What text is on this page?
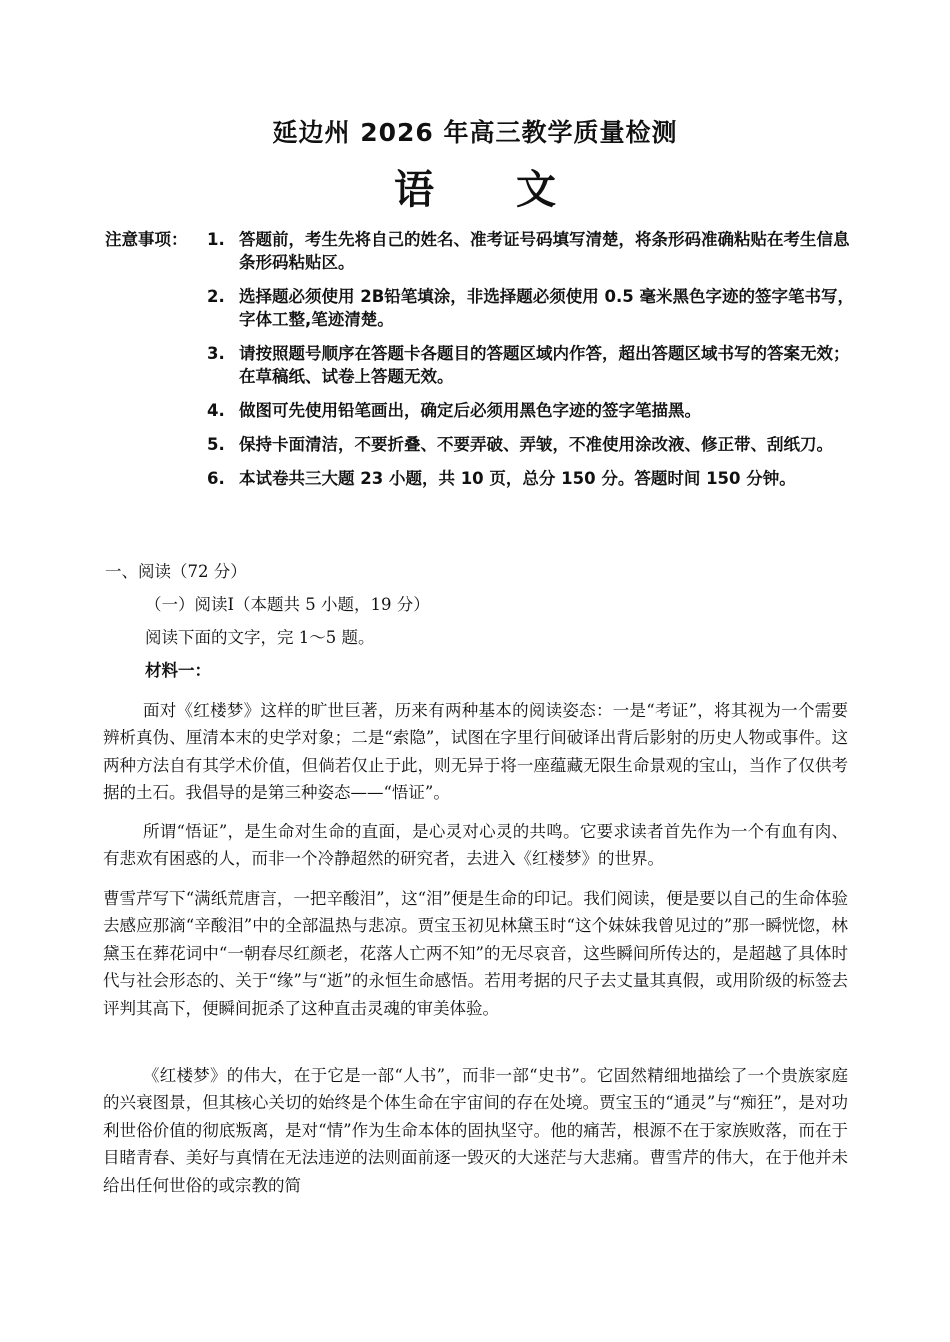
延边州 2026 年高三教学质量检测
语 文
注意事项： 1. 答题前，考生先将自己的姓名、准考证号码填写清楚，将条形码准确粘贴在考生信息条形码粘贴区。
2. 选择题必须使用 2B铅笔填涂，非选择题必须使用 0.5 毫米黑色字迹的签字笔书写，字体工整,笔迹清楚。
3. 请按照题号顺序在答题卡各题目的答题区域内作答，超出答题区域书写的答案无效；在草稿纸、试卷上答题无效。
4. 做图可先使用铅笔画出，确定后必须用黑色字迹的签字笔描黑。
5. 保持卡面清洁，不要折叠、不要弄破、弄皱，不准使用涂改液、修正带、刮纸刀。
6. 本试卷共三大题 23 小题，共 10 页，总分 150 分。答题时间 150 分钟。
一、阅读（72 分）
（一）阅读Ⅰ（本题共 5 小题，19 分）
阅读下面的文字，完 1～5 题。
材料一：
面对《红楼梦》这样的旷世巨著，历来有两种基本的阅读姿态：一是“考证”，将其视为一个需要辨析真伪、厘清本末的史学对象；二是“索隐”，试图在字里行间破译出背后影射的历史人物或事件。这两种方法自有其学术价值，但倘若仅止于此，则无异于将一座蕴藏无限生命景观的宝山，当作了仅供考据的土石。我倡导的是第三种姿态——“悟证”。
所谓“悟证”，是生命对生命的直面，是心灵对心灵的共鸣。它要求读者首先作为一个有血有肉、有悲欢有困惑的人，而非一个冷静超然的研究者，去进入《红楼梦》的世界。
曹雪芹写下“满纸荒唐言，一把辛酸泪”，这“泪”便是生命的印记。我们阅读，便是要以自己的生命体验去感应那滴“辛酸泪”中的全部温热与悲凉。贾宝玉初见林黛玉时“这个妹妹我曾见过的”那一瞬恍惚，林黛玉在葬花词中“一朝春尽红颜老，花落人亡两不知”的无尽哀音，这些瞬间所传达的，是超越了具体时代与社会形态的、关于“缘”与“逝”的永恒生命感悟。若用考据的尺子去丈量其真假，或用阶级的标签去评判其高下，便瞬间扼杀了这种直击灵魂的审美体验。
《红楼梦》的伟大，在于它是一部“人书”，而非一部“史书”。它固然精细地描绘了一个贵族家庭的兴衰图景，但其核心关切的始终是个体生命在宇宙间的存在处境。贾宝玉的“通灵”与“痴狂”，是对功利世俗价值的彻底叛离，是对“情”作为生命本体的固执坚守。他的痛苦，根源不在于家族败落，而在于目睹青春、美好与真情在无法违逆的法则面前逐一毁灭的大迷茫与大悲痛。曹雪芹的伟大，在于他并未给出任何世俗的或宗教的简
